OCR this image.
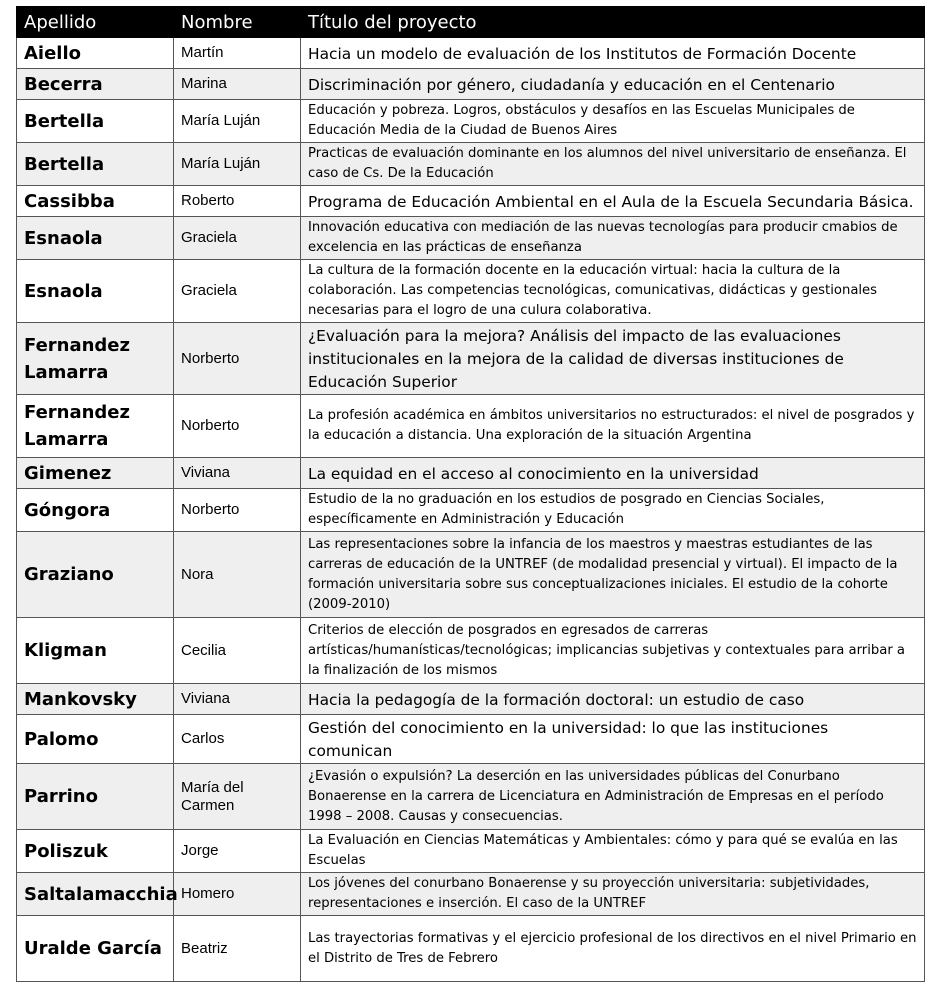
Apellido	Nombre	Título del proyecto
Aiello	Martín	Hacia un modelo de evaluación de los Institutos de Formación Docente
Becerra	Marina	Discriminación por género, ciudadanía y educación en el Centenario
Bertella	María Luján	Educación y pobreza. Logros, obstáculos y desafíos en las Escuelas Municipales de Educación Media de la Ciudad de Buenos Aires
Bertella	María Luján	Practicas de evaluación dominante en los alumnos del nivel universitario de enseñanza. El caso de Cs. De la Educación
Cassibba	Roberto	Programa de Educación Ambiental en el Aula de la Escuela Secundaria Básica.
Esnaola	Graciela	Innovación educativa con mediación de las nuevas tecnologías para producir cmabios de excelencia en las prácticas de enseñanza
Esnaola	Graciela	La cultura de la formación docente en la educación virtual: hacia la cultura de la colaboración. Las competencias tecnológicas, comunicativas, didácticas y gestionales necesarias para el logro de una culura colaborativa.
Fernandez Lamarra	Norberto	¿Evaluación para la mejora? Análisis del impacto de las evaluaciones institucionales en la mejora de la calidad de diversas instituciones de Educación Superior
Fernandez Lamarra	Norberto	La profesión académica en ámbitos universitarios no estructurados: el nivel de posgrados y la educación a distancia. Una exploración de la situación Argentina
Gimenez	Viviana	La equidad en el acceso al conocimiento en la universidad
Góngora	Norberto	Estudio de la no graduación en los estudios de posgrado en Ciencias Sociales, específicamente en Administración y Educación
Graziano	Nora	Las representaciones sobre la infancia de los maestros y maestras estudiantes de las carreras de educación de la UNTREF (de modalidad presencial y virtual). El impacto de la formación universitaria sobre sus conceptualizaciones iniciales. El estudio de la cohorte (2009-2010)
Kligman	Cecilia	Criterios de elección de posgrados en egresados de carreras artísticas/humanísticas/tecnológicas; implicancias subjetivas y contextuales para arribar a la finalización de los mismos
Mankovsky	Viviana	Hacia la pedagogía de la formación doctoral: un estudio de caso
Palomo	Carlos	Gestión del conocimiento en la universidad: lo que las instituciones comunican
Parrino	María del Carmen	¿Evasión o expulsión? La deserción en las universidades públicas del Conurbano Bonaerense en la carrera de Licenciatura en Administración de Empresas en el período 1998 – 2008. Causas y consecuencias.
Poliszuk	Jorge	La Evaluación en Ciencias Matemáticas y Ambientales: cómo y para qué se evalúa en las Escuelas
Saltalamacchia	Homero	Los jóvenes del conurbano Bonaerense y su proyección universitaria: subjetividades, representaciones e inserción. El caso de la UNTREF
Uralde García	Beatriz	Las trayectorias formativas y el ejercicio profesional de los directivos en el nivel Primario en el Distrito de Tres de Febrero
